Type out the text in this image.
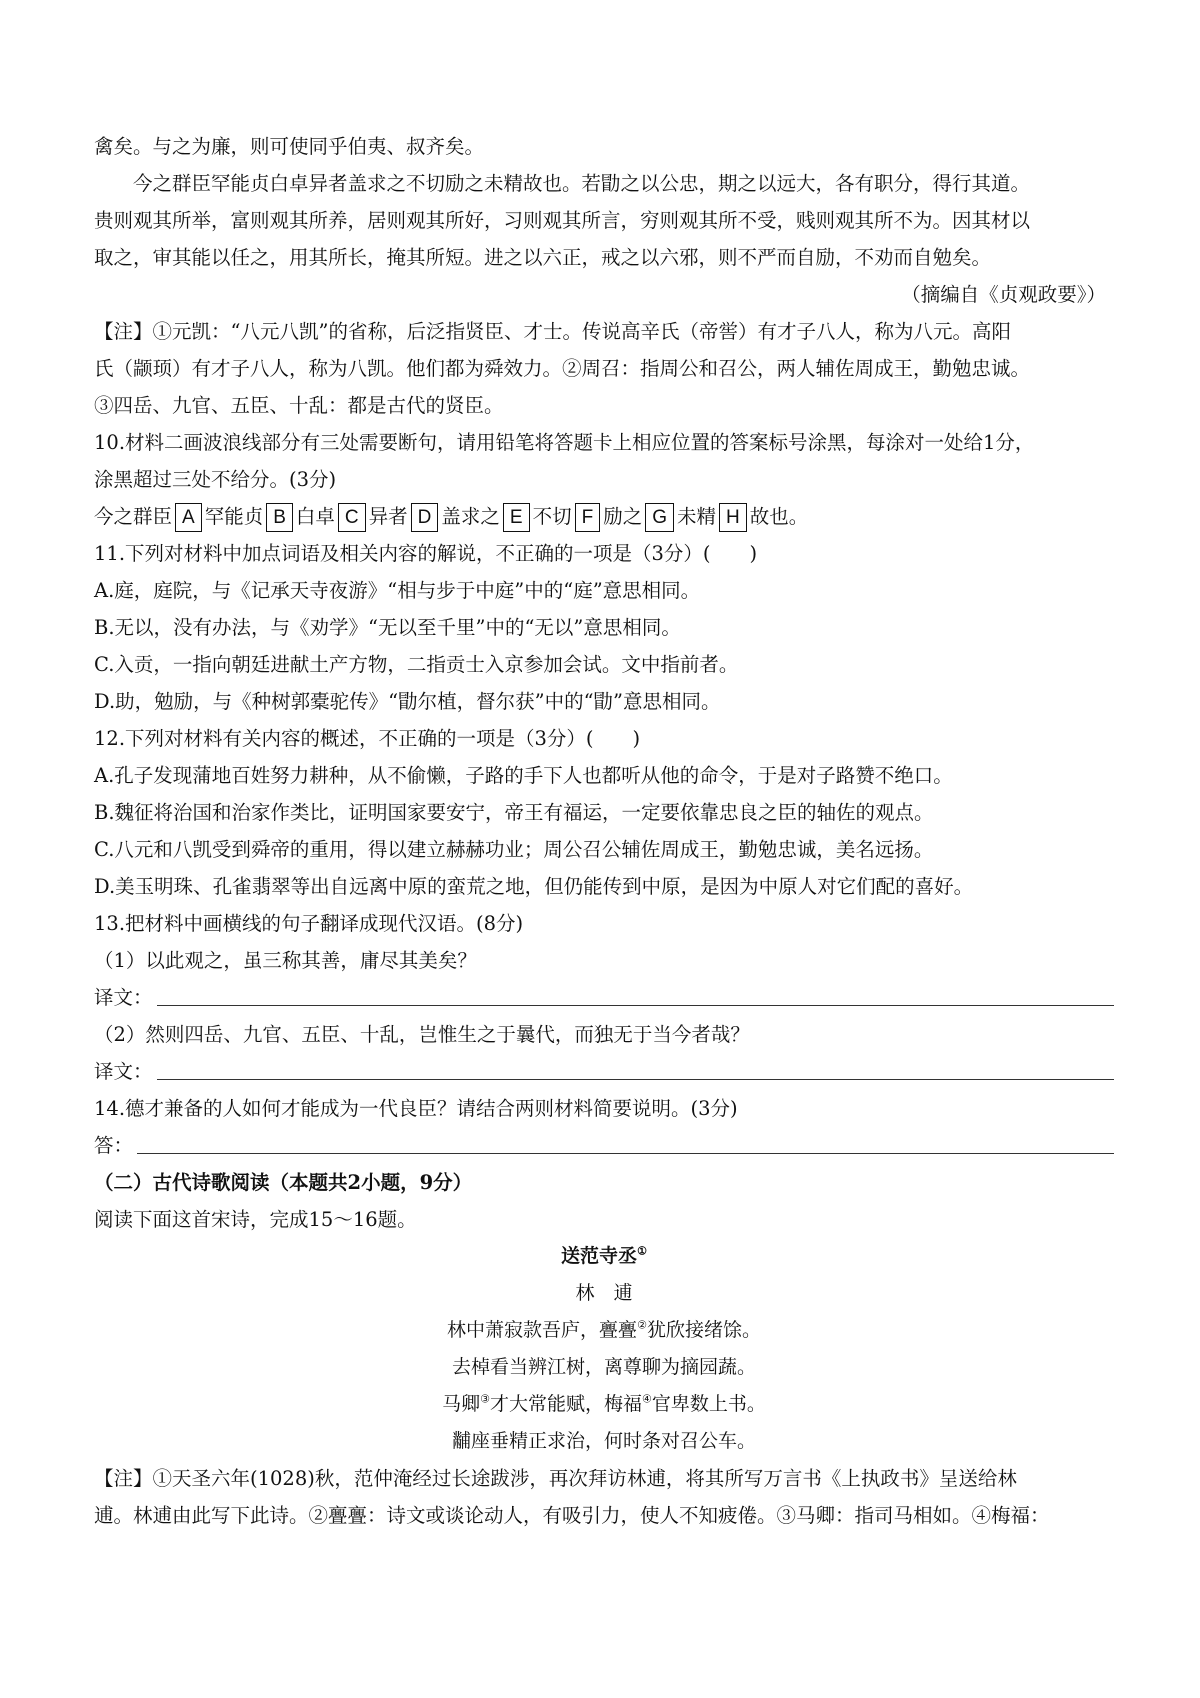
禽矣。与之为廉，则可使同乎伯夷、叔齐矣。
今之群臣罕能贞白卓异者盖求之不切励之未精故也。若勖之以公忠，期之以远大，各有职分，得行其道。
贵则观其所举，富则观其所养，居则观其所好，习则观其所言，穷则观其所不受，贱则观其所不为。因其材以
取之，审其能以任之，用其所长，掩其所短。进之以六正，戒之以六邪，则不严而自励，不劝而自勉矣。
（摘编自《贞观政要》）
【注】①元凯：“八元八凯”的省称，后泛指贤臣、才士。传说高辛氏（帝喾）有才子八人，称为八元。高阳
氏（颛顼）有才子八人，称为八凯。他们都为舜效力。②周召：指周公和召公，两人辅佐周成王，勤勉忠诚。
③四岳、九官、五臣、十乱：都是古代的贤臣。
10.材料二画波浪线部分有三处需要断句，请用铅笔将答题卡上相应位置的答案标号涂黑，每涂对一处给1分，
涂黑超过三处不给分。(3分)
今之群臣 A 罕能贞 B 白卓 C 异者 D 盖求之 E 不切 F 励之 G 未精 H 故也。
11.下列对材料中加点词语及相关内容的解说，不正确的一项是（3分）(　　)
A.庭，庭院，与《记承天寺夜游》“相与步于中庭”中的“庭”意思相同。
B.无以，没有办法，与《劝学》“无以至千里”中的“无以”意思相同。
C.入贡，一指向朝廷进献土产方物，二指贡士入京参加会试。文中指前者。
D.助，勉励，与《种树郭橐驼传》“勖尔植，督尔获”中的“勖”意思相同。
12.下列对材料有关内容的概述，不正确的一项是（3分）(　　)
A.孔子发现蒲地百姓努力耕种，从不偷懒，子路的手下人也都听从他的命令，于是对子路赞不绝口。
B.魏征将治国和治家作类比，证明国家要安宁，帝王有福运，一定要依靠忠良之臣的轴佐的观点。
C.八元和八凯受到舜帝的重用，得以建立赫赫功业；周公召公辅佐周成王，勤勉忠诚，美名远扬。
D.美玉明珠、孔雀翡翠等出自远离中原的蛮荒之地，但仍能传到中原，是因为中原人对它们配的喜好。
13.把材料中画横线的句子翻译成现代汉语。(8分)
（1）以此观之，虽三称其善，庸尽其美矣？
译文：
（2）然则四岳、九官、五臣、十乱，岂惟生之于曩代，而独无于当今者哉？
译文：
14.德才兼备的人如何才能成为一代良臣？请结合两则材料简要说明。(3分)
答：
（二）古代诗歌阅读（本题共2小题，9分）
阅读下面这首宋诗，完成15～16题。
送范寺丞①
林　逋
林中萧寂款吾庐，亹亹②犹欣接绪馀。
去棹看当辨江树，离尊聊为摘园蔬。
马卿③才大常能赋，梅福④官卑数上书。
黼座垂精正求治，何时条对召公车。
【注】①天圣六年(1028)秋，范仲淹经过长途跋涉，再次拜访林逋，将其所写万言书《上执政书》呈送给林
逋。林逋由此写下此诗。②亹亹：诗文或谈论动人，有吸引力，使人不知疲倦。③马卿：指司马相如。④梅福：
